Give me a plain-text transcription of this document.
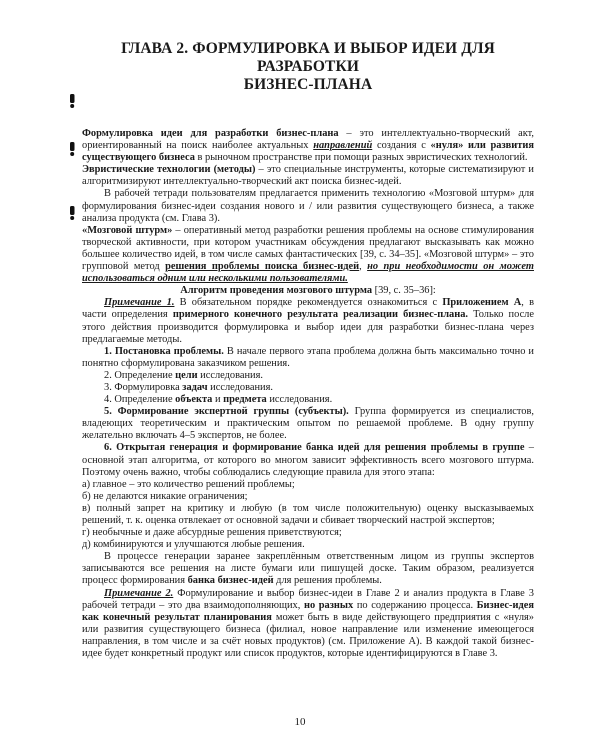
ГЛАВА 2. ФОРМУЛИРОВКА И ВЫБОР ИДЕИ ДЛЯ РАЗРАБОТКИ
БИЗНЕС-ПЛАНА

Формулировка идеи для разработки бизнес-плана – это интеллектуально-творческий акт, ориентированный на поиск наиболее актуальных направлений создания с «нуля» или развития существующего бизнеса в рыночном пространстве при помощи разных эвристических технологий.

Эвристические технологии (методы) – это специальные инструменты, которые систематизируют и алгоритмизируют интеллектуально-творческий акт поиска бизнес-идей.

В рабочей тетради пользователям предлагается применить технологию «Мозговой штурм» для формулирования бизнес-идеи создания нового и / или развития существующего бизнеса, а также анализа продукта (см. Глава 3).

«Мозговой штурм» – оперативный метод разработки решения проблемы на основе стимулирования творческой активности, при котором участникам обсуждения предлагают высказывать как можно большее количество идей, в том числе самых фантастических [39, с. 34–35]. «Мозговой штурм» – это групповой метод решения проблемы поиска бизнес-идей, но при необходимости он может использоваться одним или несколькими пользователями.

Алгоритм проведения мозгового штурма [39, с. 35–36]:

Примечание 1. В обязательном порядке рекомендуется ознакомиться с Приложением А, в части определения примерного конечного результата реализации бизнес-плана. Только после этого действия производится формулировка и выбор идеи для разработки бизнес-плана через предлагаемые методы.

1. Постановка проблемы. В начале первого этапа проблема должна быть максимально точно и понятно сформулирована заказчиком решения.

2. Определение цели исследования.

3. Формулировка задач исследования.

4. Определение объекта и предмета исследования.

5. Формирование экспертной группы (субъекты). Группа формируется из специалистов, владеющих теоретическим и практическим опытом по решаемой проблеме. В одну группу желательно включать 4–5 экспертов, не более.

6. Открытая генерация и формирование банка идей для решения проблемы в группе – основной этап алгоритма, от которого во многом зависит эффективность всего мозгового штурма. Поэтому очень важно, чтобы соблюдались следующие правила для этого этапа:

а) главное – это количество решений проблемы;

б) не делаются никакие ограничения;

в) полный запрет на критику и любую (в том числе положительную) оценку высказываемых решений, т. к. оценка отвлекает от основной задачи и сбивает творческий настрой экспертов;

г) необычные и даже абсурдные решения приветствуются;

д) комбинируются и улучшаются любые решения.

В процессе генерации заранее закреплённым ответственным лицом из группы экспертов записываются все решения на листе бумаги или пишущей доске. Таким образом, реализуется процесс формирования банка бизнес-идей для решения проблемы.

Примечание 2. Формулирование и выбор бизнес-идеи в Главе 2 и анализ продукта в Главе 3 рабочей тетради – это два взаимодополняющих, но разных по содержанию процесса. Бизнес-идея как конечный результат планирования может быть в виде действующего предприятия с «нуля» или развития существующего бизнеса (филиал, новое направление или изменение имеющегося направления, в том числе и за счёт новых продуктов) (см. Приложение А). В каждой такой бизнес-идее будет конкретный продукт или список продуктов, которые идентифицируются в Главе 3.

10
